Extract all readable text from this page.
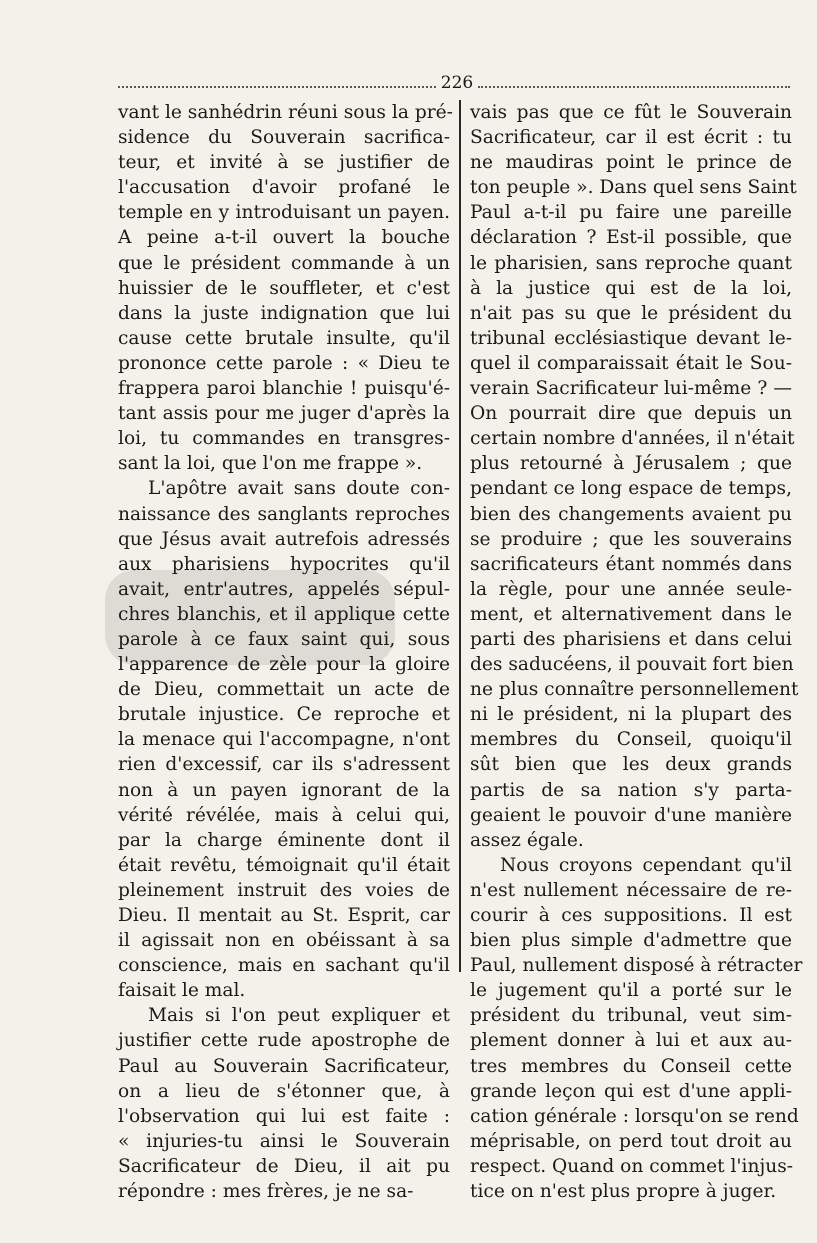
226
vant le sanhédrin réuni sous la pré-
sidence du Souverain sacrifica-
teur, et invité à se justifier de
l'accusation d'avoir profané le
temple en y introduisant un payen.
A peine a-t-il ouvert la bouche
que le président commande à un
huissier de le souffleter, et c'est
dans la juste indignation que lui
cause cette brutale insulte, qu'il
prononce cette parole : « Dieu te
frappera paroi blanchie ! puisqu'é-
tant assis pour me juger d'après la
loi, tu commandes en transgres-
sant la loi, que l'on me frappe ».
L'apôtre avait sans doute con-
naissance des sanglants reproches
que Jésus avait autrefois adressés
aux pharisiens hypocrites qu'il
avait, entr'autres, appelés sépul-
chres blanchis, et il applique cette
parole à ce faux saint qui, sous
l'apparence de zèle pour la gloire
de Dieu, commettait un acte de
brutale injustice. Ce reproche et
la menace qui l'accompagne, n'ont
rien d'excessif, car ils s'adressent
non à un payen ignorant de la
vérité révélée, mais à celui qui,
par la charge éminente dont il
était revêtu, témoignait qu'il était
pleinement instruit des voies de
Dieu. Il mentait au St. Esprit, car
il agissait non en obéissant à sa
conscience, mais en sachant qu'il
faisait le mal.
Mais si l'on peut expliquer et
justifier cette rude apostrophe de
Paul au Souverain Sacrificateur,
on a lieu de s'étonner que, à
l'observation qui lui est faite :
« injuries-tu ainsi le Souverain
Sacrificateur de Dieu, il ait pu
répondre : mes frères, je ne sa-
vais pas que ce fût le Souverain
Sacrificateur, car il est écrit : tu
ne maudiras point le prince de
ton peuple ». Dans quel sens Saint
Paul a-t-il pu faire une pareille
déclaration ? Est-il possible, que
le pharisien, sans reproche quant
à la justice qui est de la loi,
n'ait pas su que le président du
tribunal ecclésiastique devant le-
quel il comparaissait était le Sou-
verain Sacrificateur lui-même ? —
On pourrait dire que depuis un
certain nombre d'années, il n'était
plus retourné à Jérusalem ; que
pendant ce long espace de temps,
bien des changements avaient pu
se produire ; que les souverains
sacrificateurs étant nommés dans
la règle, pour une année seule-
ment, et alternativement dans le
parti des pharisiens et dans celui
des saducéens, il pouvait fort bien
ne plus connaître personnellement
ni le président, ni la plupart des
membres du Conseil, quoiqu'il
sût bien que les deux grands
partis de sa nation s'y parta-
geaient le pouvoir d'une manière
assez égale.
Nous croyons cependant qu'il
n'est nullement nécessaire de re-
courir à ces suppositions. Il est
bien plus simple d'admettre que
Paul, nullement disposé à rétracter
le jugement qu'il a porté sur le
président du tribunal, veut sim-
plement donner à lui et aux au-
tres membres du Conseil cette
grande leçon qui est d'une appli-
cation générale : lorsqu'on se rend
méprisable, on perd tout droit au
respect. Quand on commet l'injus-
tice on n'est plus propre à juger.
